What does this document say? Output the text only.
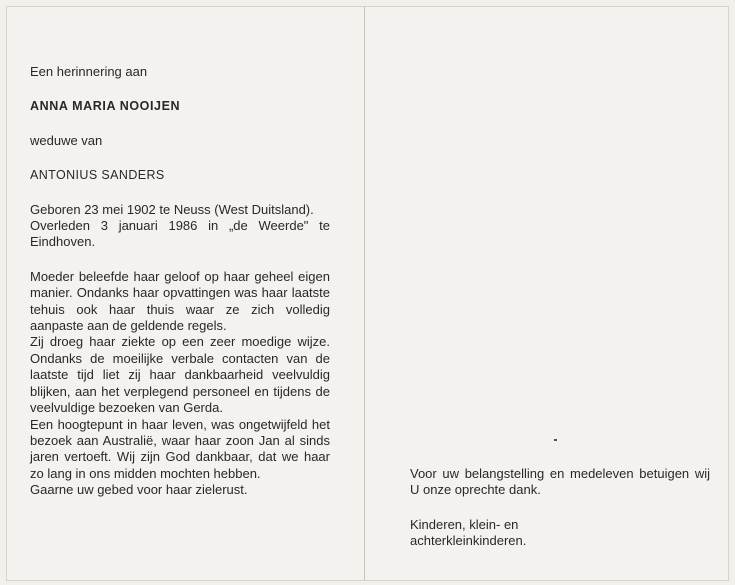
Een herinnering aan

ANNA MARIA NOOIJEN

weduwe van

ANTONIUS SANDERS

Geboren 23 mei 1902 te Neuss (West Duitsland).

Overleden 3 januari 1986 in „de Weerde" te Eindhoven.

Moeder beleefde haar geloof op haar geheel eigen manier. Ondanks haar opvattingen was haar laatste tehuis ook haar thuis waar ze zich volledig aanpaste aan de geldende regels.

Zij droeg haar ziekte op een zeer moedige wijze. Ondanks de moeilijke verbale contacten van de laatste tijd liet zij haar dankbaarheid veelvuldig blijken, aan het verplegend personeel en tijdens de veelvuldige bezoeken van Gerda.

Een hoogtepunt in haar leven, was ongetwijfeld het bezoek aan Australië, waar haar zoon Jan al sinds jaren vertoeft. Wij zijn God dankbaar, dat we haar zo lang in ons midden mochten hebben.

Gaarne uw gebed voor haar zielerust.

Voor uw belangstelling en medeleven betuigen wij U onze oprechte dank.

Kinderen, klein- en achterkleinkinderen.
